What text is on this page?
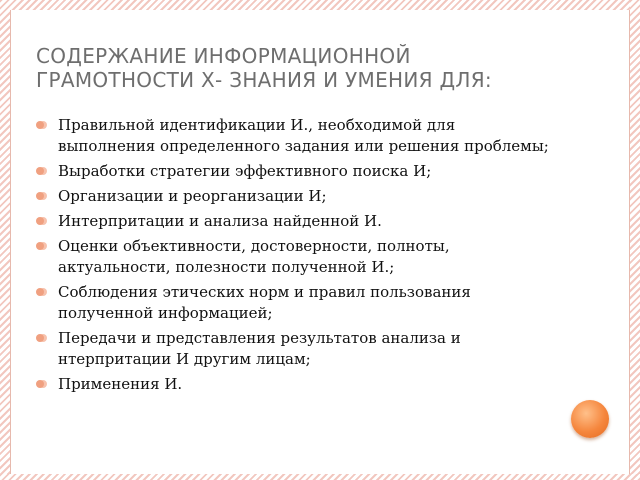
СОДЕРЖАНИЕ ИНФОРМАЦИОННОЙ
ГРАМОТНОСТИ Х- ЗНАНИЯ И УМЕНИЯ ДЛЯ:
Правильной идентификации И., необходимой для выполнения определенного задания или решения проблемы;
Выработки стратегии эффективного поиска И;
Организации и реорганизации И;
Интерпритации и анализа найденной И.
Оценки объективности, достоверности, полноты, актуальности, полезности полученной И.;
Соблюдения этических норм и правил пользования полученной информацией;
Передачи и представления результатов анализа и нтерпритации И другим лицам;
Применения И.
